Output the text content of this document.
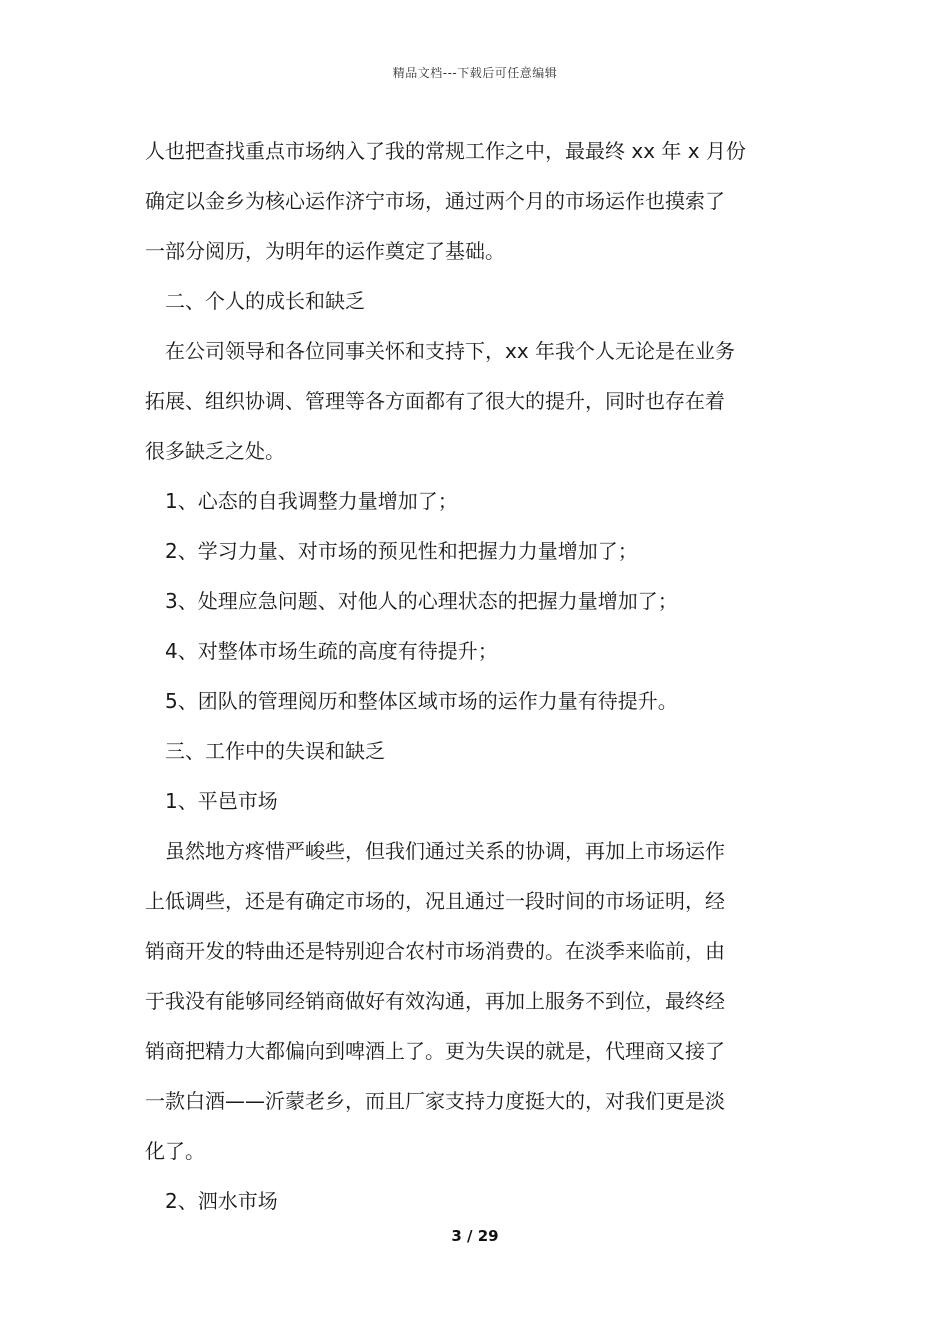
精品文档---下载后可任意编辑
人也把查找重点市场纳入了我的常规工作之中，最最终 xx 年 x 月份
确定以金乡为核心运作济宁市场，通过两个月的市场运作也摸索了
一部分阅历，为明年的运作奠定了基础。
二、个人的成长和缺乏
在公司领导和各位同事关怀和支持下，xx 年我个人无论是在业务
拓展、组织协调、管理等各方面都有了很大的提升，同时也存在着
很多缺乏之处。
1、心态的自我调整力量增加了；
2、学习力量、对市场的预见性和把握力力量增加了；
3、处理应急问题、对他人的心理状态的把握力量增加了；
4、对整体市场生疏的高度有待提升；
5、团队的管理阅历和整体区域市场的运作力量有待提升。
三、工作中的失误和缺乏
1、平邑市场
虽然地方疼惜严峻些，但我们通过关系的协调，再加上市场运作
上低调些，还是有确定市场的，况且通过一段时间的市场证明，经
销商开发的特曲还是特别迎合农村市场消费的。在淡季来临前，由
于我没有能够同经销商做好有效沟通，再加上服务不到位，最终经
销商把精力大都偏向到啤酒上了。更为失误的就是，代理商又接了
一款白酒——沂蒙老乡，而且厂家支持力度挺大的，对我们更是淡
化了。
2、泗水市场
3 / 29
